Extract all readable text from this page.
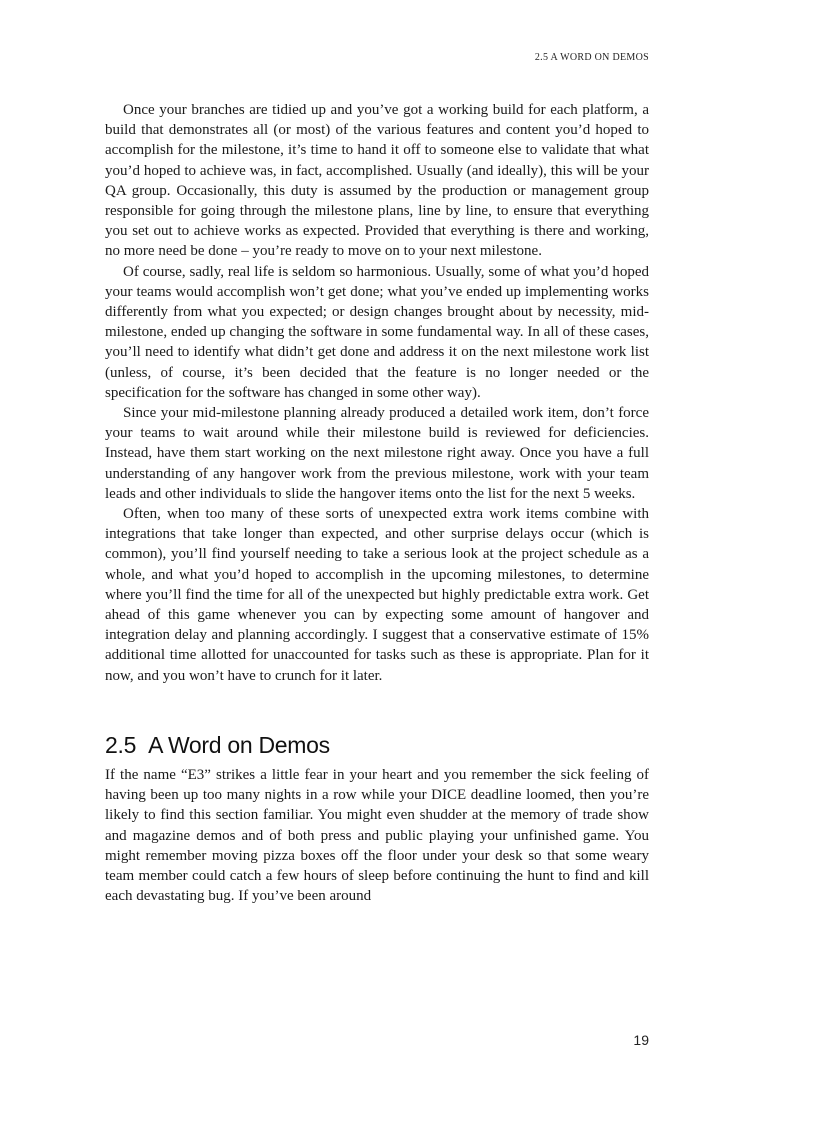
2.5 A WORD ON DEMOS

Once your branches are tidied up and you’ve got a working build for each platform, a build that demonstrates all (or most) of the various features and content you’d hoped to accomplish for the milestone, it’s time to hand it off to someone else to validate that what you’d hoped to achieve was, in fact, accomplished. Usually (and ideally), this will be your QA group. Occasionally, this duty is assumed by the production or management group responsible for going through the milestone plans, line by line, to ensure that everything you set out to achieve works as expected. Provided that everything is there and working, no more need be done – you’re ready to move on to your next milestone.

Of course, sadly, real life is seldom so harmonious. Usually, some of what you’d hoped your teams would accomplish won’t get done; what you’ve ended up implementing works differently from what you expected; or design changes brought about by necessity, mid-milestone, ended up changing the software in some fundamental way. In all of these cases, you’ll need to identify what didn’t get done and address it on the next milestone work list (unless, of course, it’s been decided that the feature is no longer needed or the specification for the software has changed in some other way).

Since your mid-milestone planning already produced a detailed work item, don’t force your teams to wait around while their milestone build is reviewed for deficiencies. Instead, have them start working on the next milestone right away. Once you have a full understanding of any hangover work from the previous milestone, work with your team leads and other individuals to slide the hangover items onto the list for the next 5 weeks.

Often, when too many of these sorts of unexpected extra work items combine with integrations that take longer than expected, and other surprise delays occur (which is common), you’ll find yourself needing to take a serious look at the project schedule as a whole, and what you’d hoped to accomplish in the upcoming milestones, to determine where you’ll find the time for all of the unexpected but highly predictable extra work. Get ahead of this game whenever you can by expecting some amount of hangover and integration delay and planning accordingly. I suggest that a conservative estimate of 15% additional time allotted for unaccounted for tasks such as these is appropriate. Plan for it now, and you won’t have to crunch for it later.

2.5 A Word on Demos

If the name “E3” strikes a little fear in your heart and you remember the sick feeling of having been up too many nights in a row while your DICE deadline loomed, then you’re likely to find this section familiar. You might even shudder at the memory of trade show and magazine demos and of both press and public playing your unfinished game. You might remember moving pizza boxes off the floor under your desk so that some weary team member could catch a few hours of sleep before continuing the hunt to find and kill each devastating bug. If you’ve been around

19
